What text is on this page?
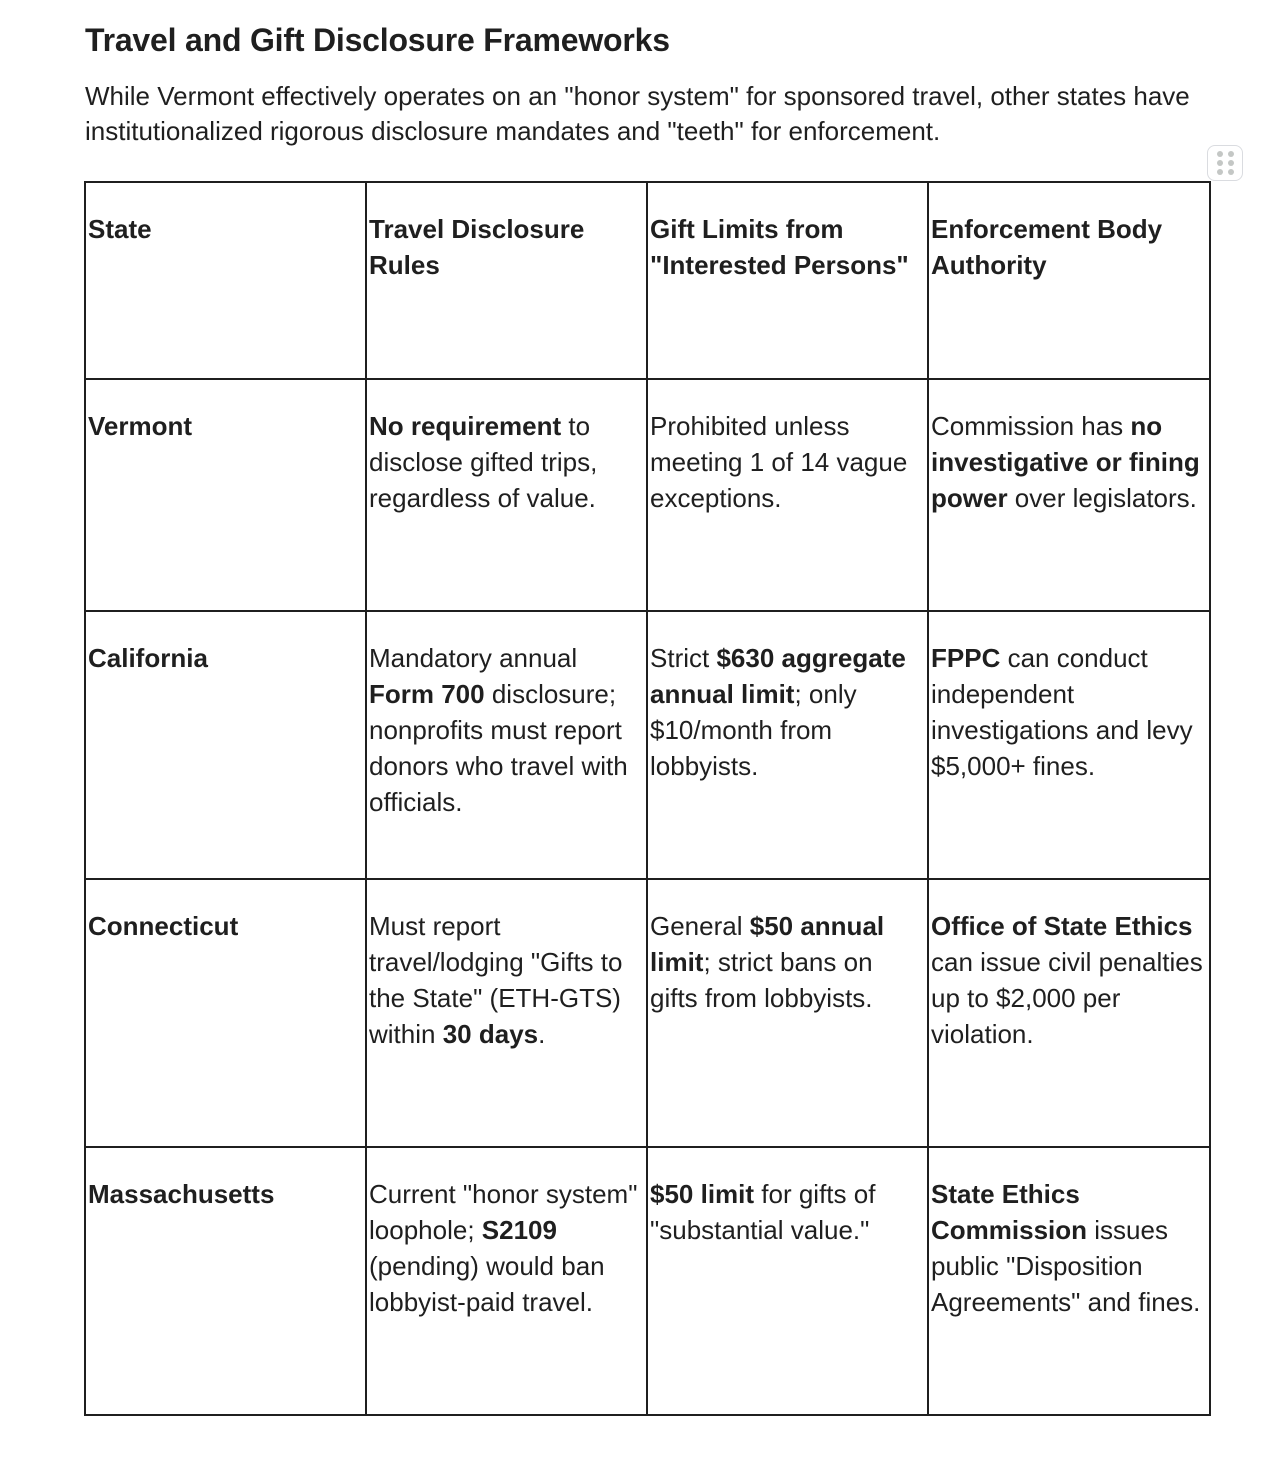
Travel and Gift Disclosure Frameworks

While Vermont effectively operates on an "honor system" for sponsored travel, other states have institutionalized rigorous disclosure mandates and "teeth" for enforcement.

State	Travel Disclosure Rules	Gift Limits from "Interested Persons"	Enforcement Body Authority
Vermont	No requirement to disclose gifted trips, regardless of value.	Prohibited unless meeting 1 of 14 vague exceptions.	Commission has no investigative or fining power over legislators.
California	Mandatory annual Form 700 disclosure; nonprofits must report donors who travel with officials.	Strict $630 aggregate annual limit; only $10/month from lobbyists.	FPPC can conduct independent investigations and levy $5,000+ fines.
Connecticut	Must report travel/lodging "Gifts to the State" (ETH-GTS) within 30 days.	General $50 annual limit; strict bans on gifts from lobbyists.	Office of State Ethics can issue civil penalties up to $2,000 per violation.
Massachusetts	Current "honor system" loophole; S2109 (pending) would ban lobbyist-paid travel.	$50 limit for gifts of "substantial value."	State Ethics Commission issues public "Disposition Agreements" and fines.
